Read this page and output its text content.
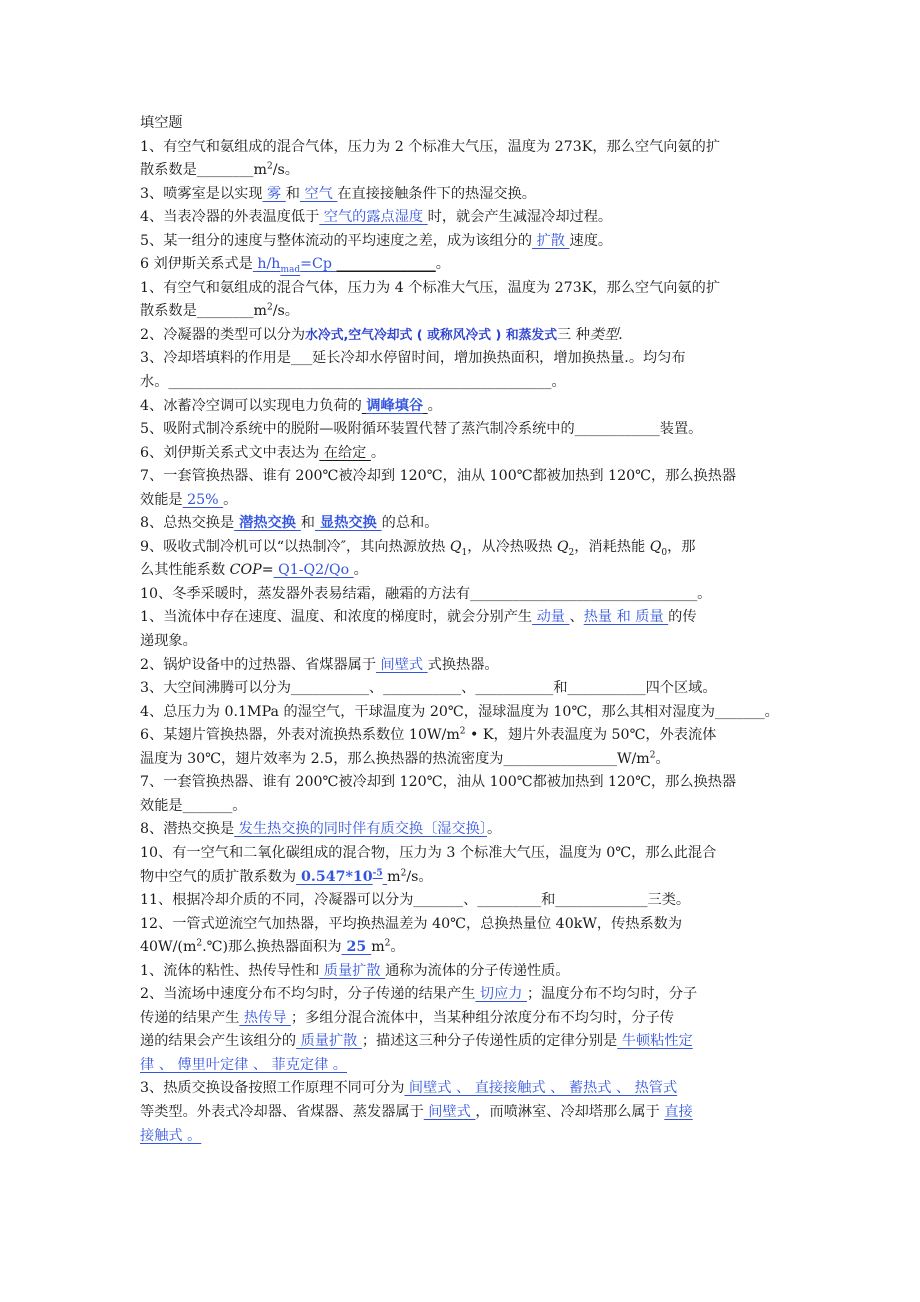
填空题
1、有空气和氨组成的混合气体，压力为 2 个标准大气压，温度为 273K，那么空气向氨的扩
散系数是$\_\_\_\_\_\_\_\_m^2/s$。
3、喷雾室是以实现 雾 和 空气 在直接接触条件下的热湿交换。
4、当表冷器的外表温度低于 空气的露点湿度 时，就会产生减湿冷却过程。
5、某一组分的速度与整体流动的平均速度之差，成为该组分的 扩散 速度。
6 刘伊斯关系式是 $h/h_{mad}=Cp$ ______________。
1、有空气和氨组成的混合气体，压力为 4 个标准大气压，温度为 273K，那么空气向氨的扩
散系数是$\_\_\_\_\_\_\_\_m^2/s$。
2、冷凝器的类型可以分为水冷式,空气冷却式 ( 或称风冷式 ) 和蒸发式三 种类型.
3、冷却塔填料的作用是___延长冷却水停留时间，增加换热面积，增加换热量.。均匀布
水。______________________________________________________。
4、冰蓄冷空调可以实现电力负荷的 调峰填谷 。
5、吸附式制冷系统中的脱附—吸附循环装置代替了蒸汽制冷系统中的____________装置。
6、刘伊斯关系式文中表达为 在给定 。
7、一套管换热器、谁有 200℃被冷却到 120℃，油从 100℃都被加热到 120℃，那么换热器
效能是 25% 。
8、总热交换是 潜热交换 和 显热交换 的总和。
9、吸收式制冷机可以“以热制冷″，其向热源放热 $Q_1$，从冷热吸热 $Q_2$，消耗热能 $Q_0$，那
么其性能系数 COP= Q1-Q2/Qo 。
10、冬季采暖时，蒸发器外表易结霜，融霜的方法有________________________________。
1、当流体中存在速度、温度、和浓度的梯度时，就会分别产生 动量 、热量 和 质量 的传
递现象。
2、锅炉设备中的过热器、省煤器属于 间壁式 式换热器。
3、大空间沸腾可以分为___________、___________、___________和___________四个区域。
4、总压力为 0.1MPa 的湿空气，干球温度为 20℃，湿球温度为 10℃，那么其相对湿度为_______。
6、某翅片管换热器，外表对流换热系数位 $10W/m^2$ • K，翅片外表温度为 50℃，外表流体
温度为 30℃，翅片效率为 2.5，那么换热器的热流密度为$\_\_\_\_\_\_\_\_\_\_\_\_\_\_\_\_W/m^2$。
7、一套管换热器、谁有 200℃被冷却到 120℃，油从 100℃都被加热到 120℃，那么换热器
效能是_______。
8、潜热交换是 发生热交换的同时伴有质交换〔湿交换〕。
10、有一空气和二氧化碳组成的混合物，压力为 3 个标准大气压，温度为 0℃，那么此混合
物中空气的质扩散系数为 $0.547*10^{-5}$ $m^2/s$。
11、根据冷却介质的不同，冷凝器可以分为_______、_________和_____________三类。
12、一管式逆流空气加热器，平均换热温差为 40℃，总换热量位 40kW，传热系数为
$40W/(m^2.℃)$那么换热器面积为 25 $m^2$。
1、流体的粘性、热传导性和 质量扩散 通称为流体的分子传递性质。
2、当流场中速度分布不均匀时，分子传递的结果产生 切应力 ；温度分布不均匀时，分子
传递的结果产生 热传导 ；多组分混合流体中，当某种组分浓度分布不均匀时，分子传
递的结果会产生该组分的 质量扩散 ；描述这三种分子传递性质的定律分别是 牛顿粘性定
律 、 傅里叶定律 、 菲克定律 。
3、热质交换设备按照工作原理不同可分为 间壁式 、 直接接触式 、 蓄热式 、 热管式
等类型。外表式冷却器、省煤器、蒸发器属于 间壁式 ，而喷淋室、冷却塔那么属于 直接
接触式 。
